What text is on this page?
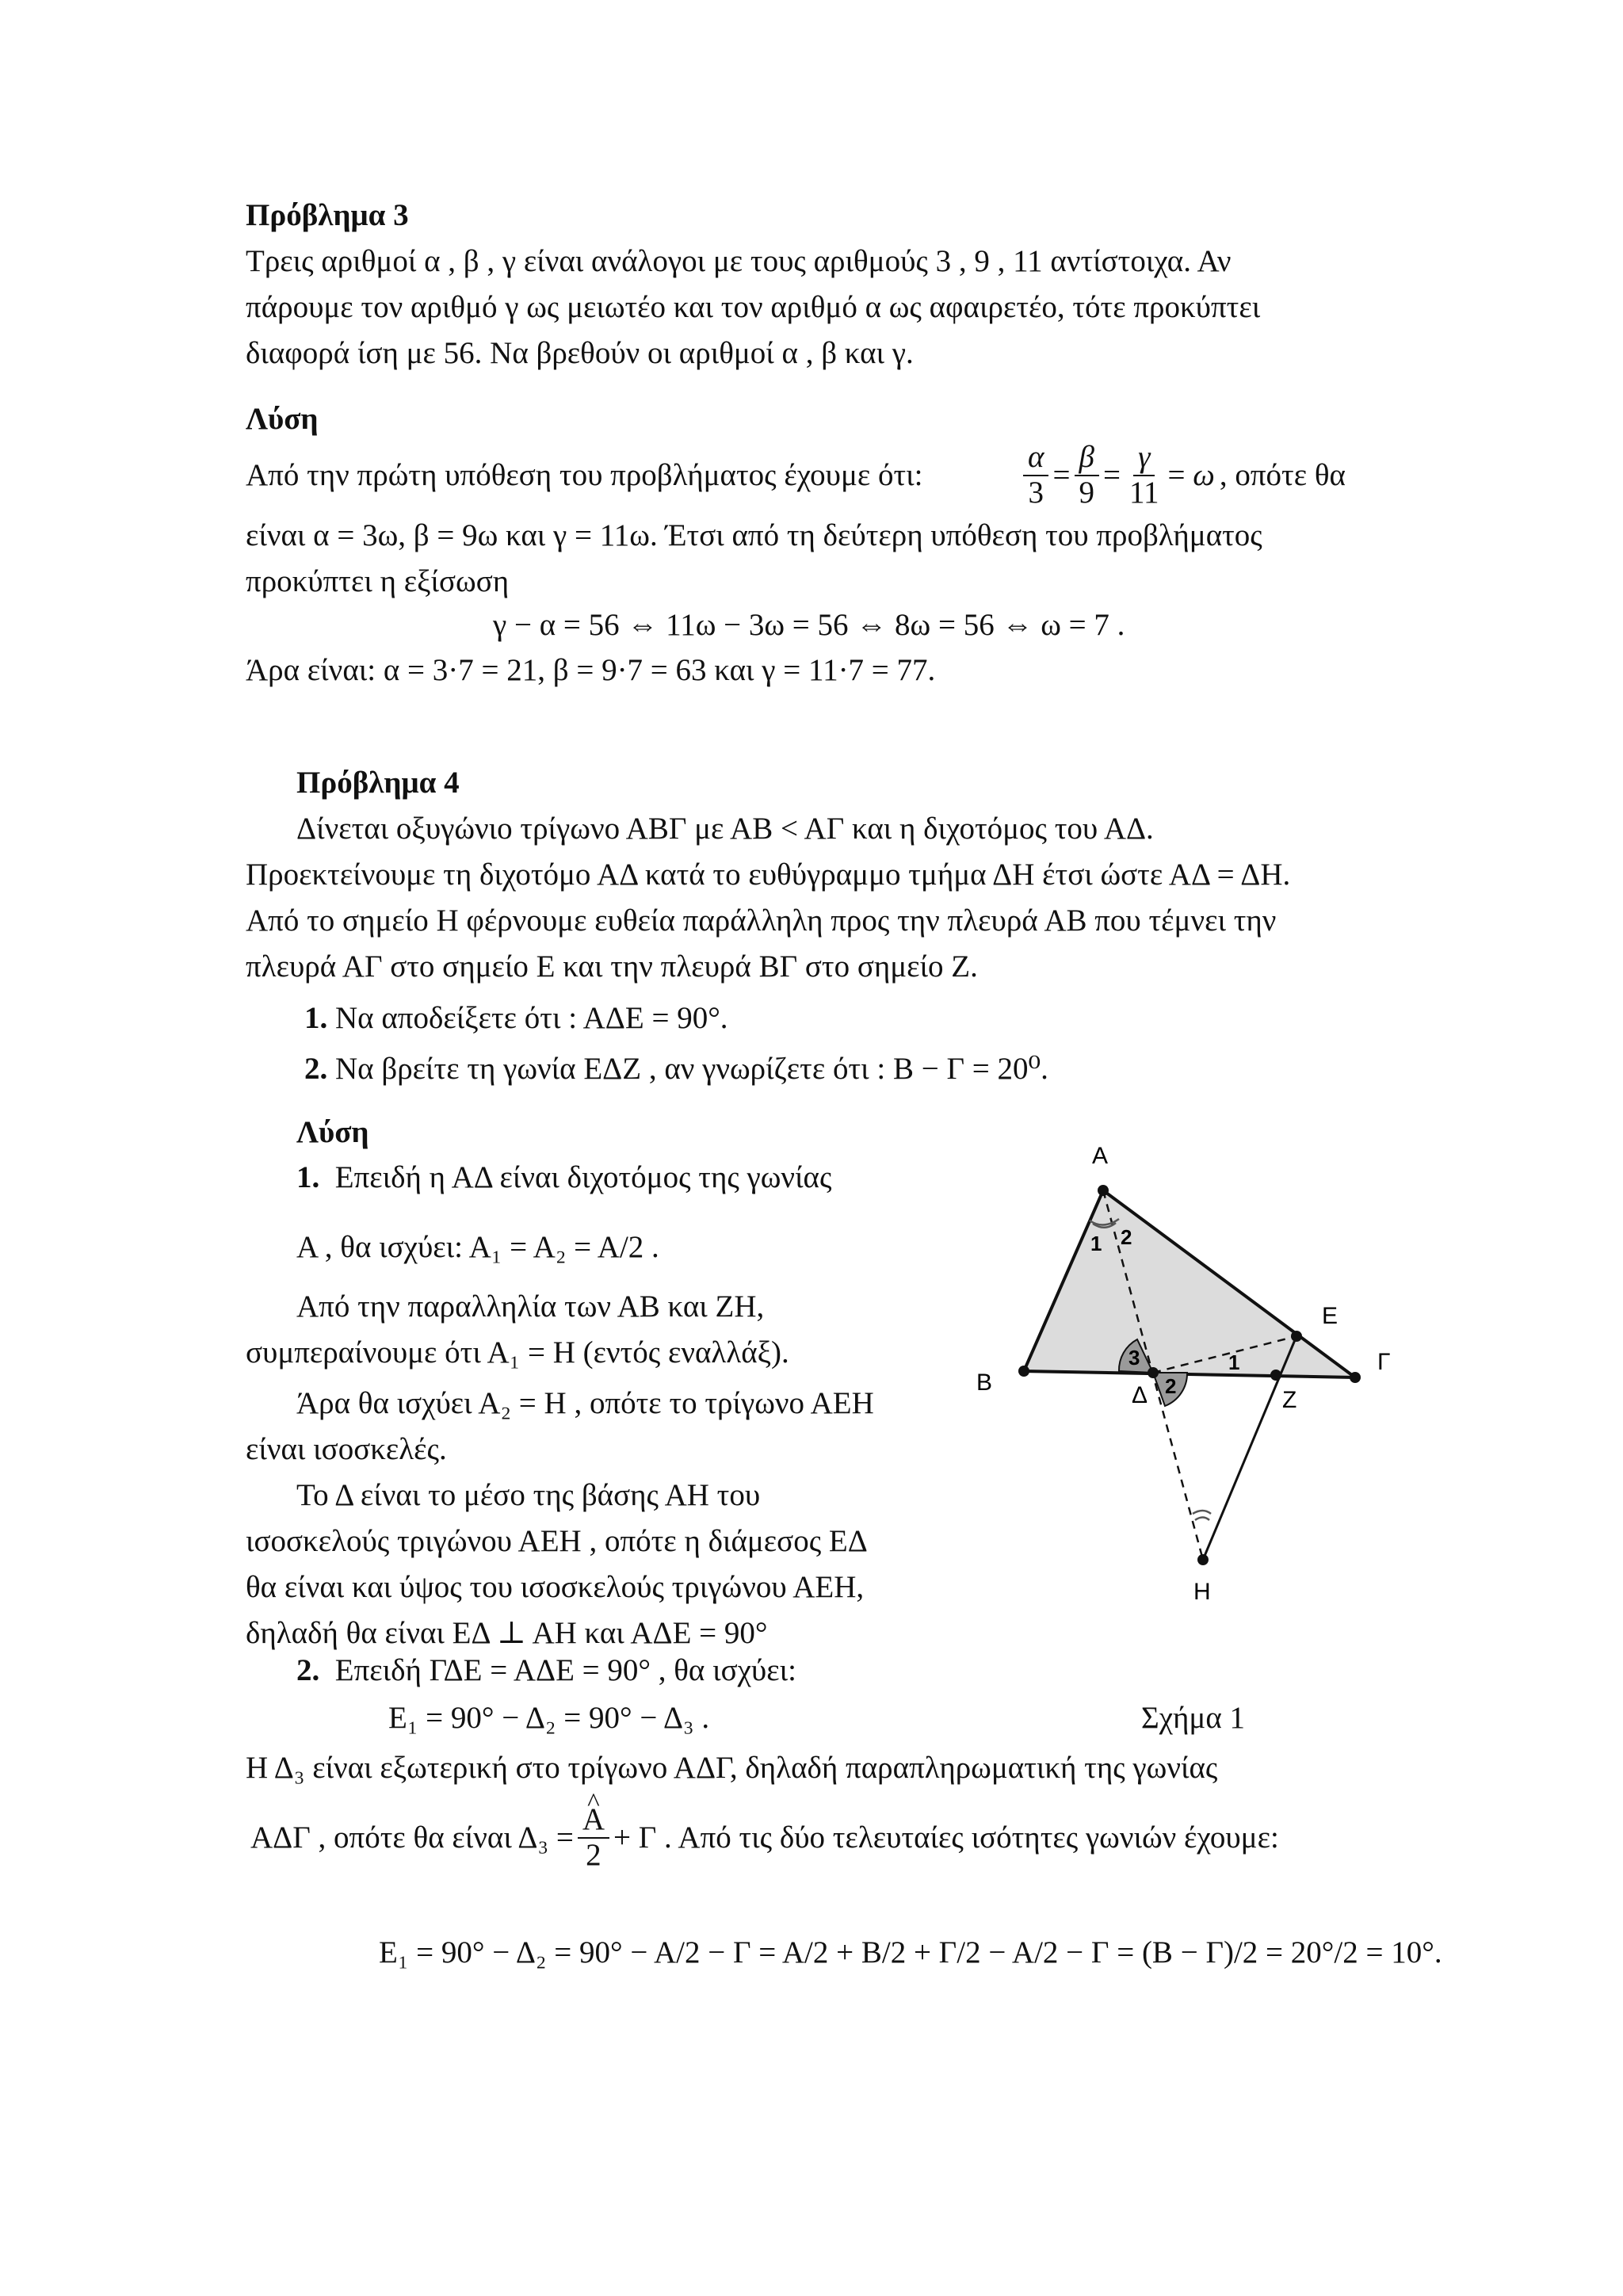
Πρόβλημα 3
Τρεις αριθμοί α , β , γ είναι ανάλογοι με τους αριθμούς 3 , 9 , 11 αντίστοιχα. Αν
πάρουμε τον αριθμό γ ως μειωτέο και τον αριθμό α ως αφαιρετέο, τότε προκύπτει
διαφορά ίση με 56. Να βρεθούν οι αριθμοί α , β και γ.
Λύση
Από την πρώτη υπόθεση του προβλήματος έχουμε ότι:	$\frac{\alpha}{3} = \frac{\beta}{9} = \frac{\gamma}{11} = \omega$ , οπότε θα
είναι α = 3ω, β = 9ω και γ = 11ω. Έτσι από τη δεύτερη υπόθεση του προβλήματος
προκύπτει η εξίσωση
γ − α = 56 ⇔ 11ω − 3ω = 56 ⇔ 8ω = 56 ⇔ ω = 7 .
Άρα είναι: α = 3·7 = 21, β = 9·7 = 63 και γ = 11·7 = 77.
Πρόβλημα 4
Δίνεται οξυγώνιο τρίγωνο ΑΒΓ με ΑΒ < ΑΓ και η διχοτόμος του ΑΔ.
Προεκτείνουμε τη διχοτόμο ΑΔ κατά το ευθύγραμμο τμήμα ΔΗ έτσι ώστε ΑΔ = ΔΗ.
Από το σημείο Η φέρνουμε ευθεία παράλληλη προς την πλευρά ΑΒ που τέμνει την
πλευρά ΑΓ στο σημείο Ε και την πλευρά ΒΓ στο σημείο Ζ.
1. Να αποδείξετε ότι : ΑΔΕ = 90°.
2. Να βρείτε τη γωνία ΕΔΖ , αν γνωρίζετε ότι : Β − Γ = 20⁰.
Λύση
1. Επειδή η ΑΔ είναι διχοτόμος της γωνίας
Α , θα ισχύει: Α₁ = Α₂ = Α/2 .
Από την παραλληλία των ΑΒ και ΖΗ,
συμπεραίνουμε ότι Α₁ = Η (εντός εναλλάξ).
Άρα θα ισχύει Α₂ = Η , οπότε το τρίγωνο ΑΕΗ
είναι ισοσκελές.
Το Δ είναι το μέσο της βάσης ΑΗ του
ισοσκελούς τριγώνου ΑΕΗ , οπότε η διάμεσος ΕΔ
θα είναι και ύψος του ισοσκελούς τριγώνου ΑΕΗ,
δηλαδή θα είναι ΕΔ ⊥ ΑΗ και ΑΔΕ = 90°
Α
Β
Γ
Δ
Ε
Ζ
Η
1 2
3
2
1
2. Επειδή ΓΔΕ = ΑΔΕ = 90° , θα ισχύει:
Ε₁ = 90° − Δ₂ = 90° − Δ₃ .	Σχήμα 1
Η Δ₃ είναι εξωτερική στο τρίγωνο ΑΔΓ, δηλαδή παραπληρωματική της γωνίας
ΑΔΓ , οπότε θα είναι Δ₃ =
^ $\frac{A}{2} + \Gamma$ . Από τις δύο τελευταίες ισότητες γωνιών έχουμε:
Ε₁ = 90° − Δ₂ = 90° − Α/2 − Γ = Α/2 + Β/2 + Γ/2 − Α/2 − Γ = (Β − Γ)/2 = 20°/2 = 10°.
